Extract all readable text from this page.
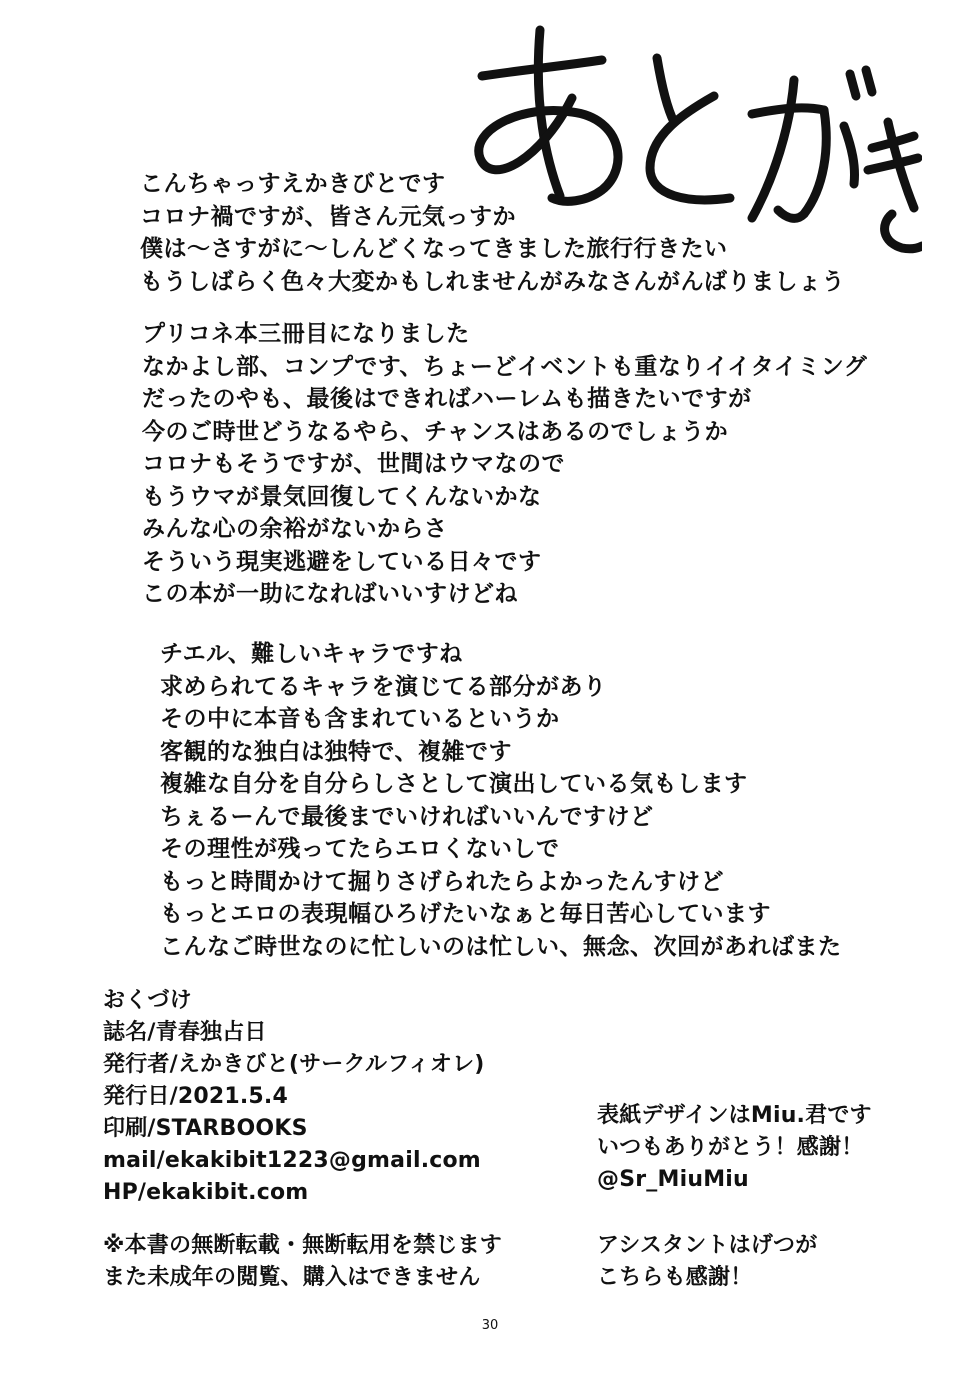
こんちゃっすえかきびとです
コロナ禍ですが、皆さん元気っすか
僕は〜さすがに〜しんどくなってきました旅行行きたい
もうしばらく色々大変かもしれませんがみなさんがんばりましょう
プリコネ本三冊目になりました
なかよし部、コンプです、ちょーどイベントも重なりイイタイミング
だったのやも、最後はできればハーレムも描きたいですが
今のご時世どうなるやら、チャンスはあるのでしょうか
コロナもそうですが、世間はウマなので
もうウマが景気回復してくんないかな
みんな心の余裕がないからさ
そういう現実逃避をしている日々です
この本が一助になればいいすけどね
チエル、難しいキャラですね
求められてるキャラを演じてる部分があり
その中に本音も含まれているというか
客観的な独白は独特で、複雑です
複雑な自分を自分らしさとして演出している気もします
ちぇるーんで最後までいければいいんですけど
その理性が残ってたらエロくないしで
もっと時間かけて掘りさげられたらよかったんすけど
もっとエロの表現幅ひろげたいなぁと毎日苦心しています
こんなご時世なのに忙しいのは忙しい、無念、次回があればまた
おくづけ
誌名/青春独占日
発行者/えかきびと(サークルフィオレ)
発行日/2021.5.4
印刷/STARBOOKS
mail/ekakibit1223@gmail.com
HP/ekakibit.com
※本書の無断転載・無断転用を禁じます
また未成年の閲覧、購入はできません
表紙デザインはMiu.君です
いつもありがとう！感謝！
@Sr_MiuMiu
アシスタントはげつが
こちらも感謝！
30
